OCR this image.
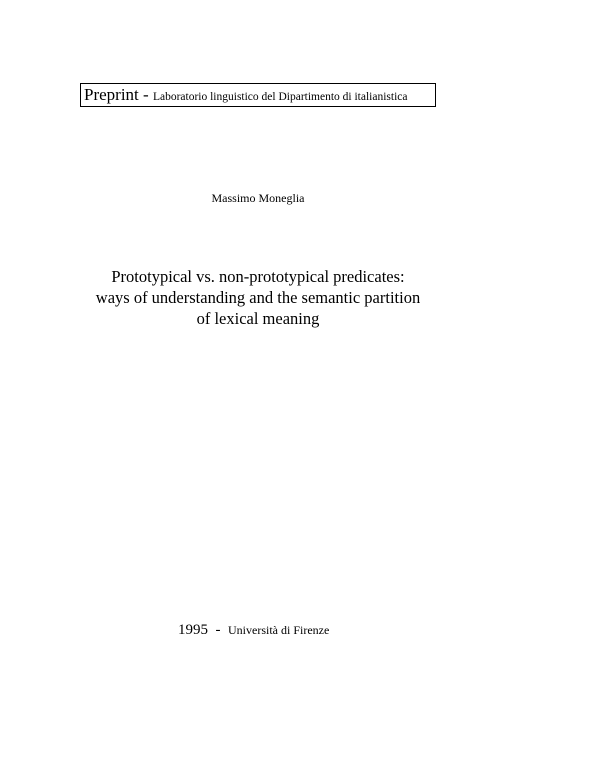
Preprint - Laboratorio linguistico del Dipartimento di italianistica
Massimo Moneglia
Prototypical vs. non-prototypical predicates:
ways of understanding and the semantic partition
of lexical meaning
1995  -  Università di Firenze
